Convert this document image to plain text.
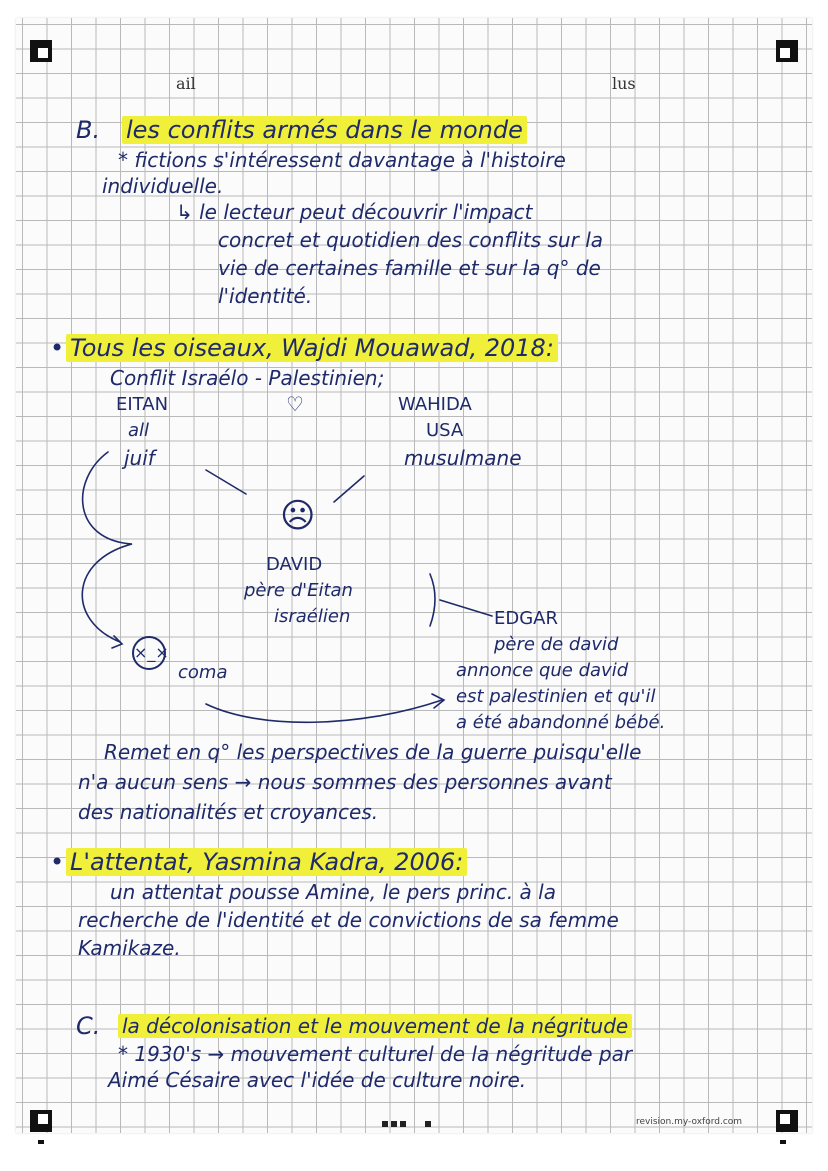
ail	lus
B. les conflits armés dans le monde
* fictions s'intéressent davantage à l'histoire
individuelle.
↳ le lecteur peut découvrir l'impact
concret et quotidien des conflits sur la
vie de certaines famille et sur la q° de
l'identité.
• Tous les oiseaux, Wajdi Mouawad, 2018:
Conflit Israélo - Palestinien;
EITAN
all
juif
♡	WAHIDA
USA
musulmane
☹
DAVID
père d'Eitan
israélien	EDGAR
père de david
annonce que david
est palestinien et qu'il
a été abandonné bébé.
×_×
coma
Remet en q° les perspectives de la guerre puisqu'elle
n'a aucun sens → nous sommes des personnes avant
des nationalités et croyances.
• L'attentat, Yasmina Kadra, 2006:
un attentat pousse Amine, le pers princ. à la
recherche de l'identité et de convictions de sa femme
Kamikaze.
C. la décolonisation et le mouvement de la négritude
* 1930's → mouvement culturel de la négritude par
Aimé Césaire avec l'idée de culture noire.
revision.my-oxford.com
